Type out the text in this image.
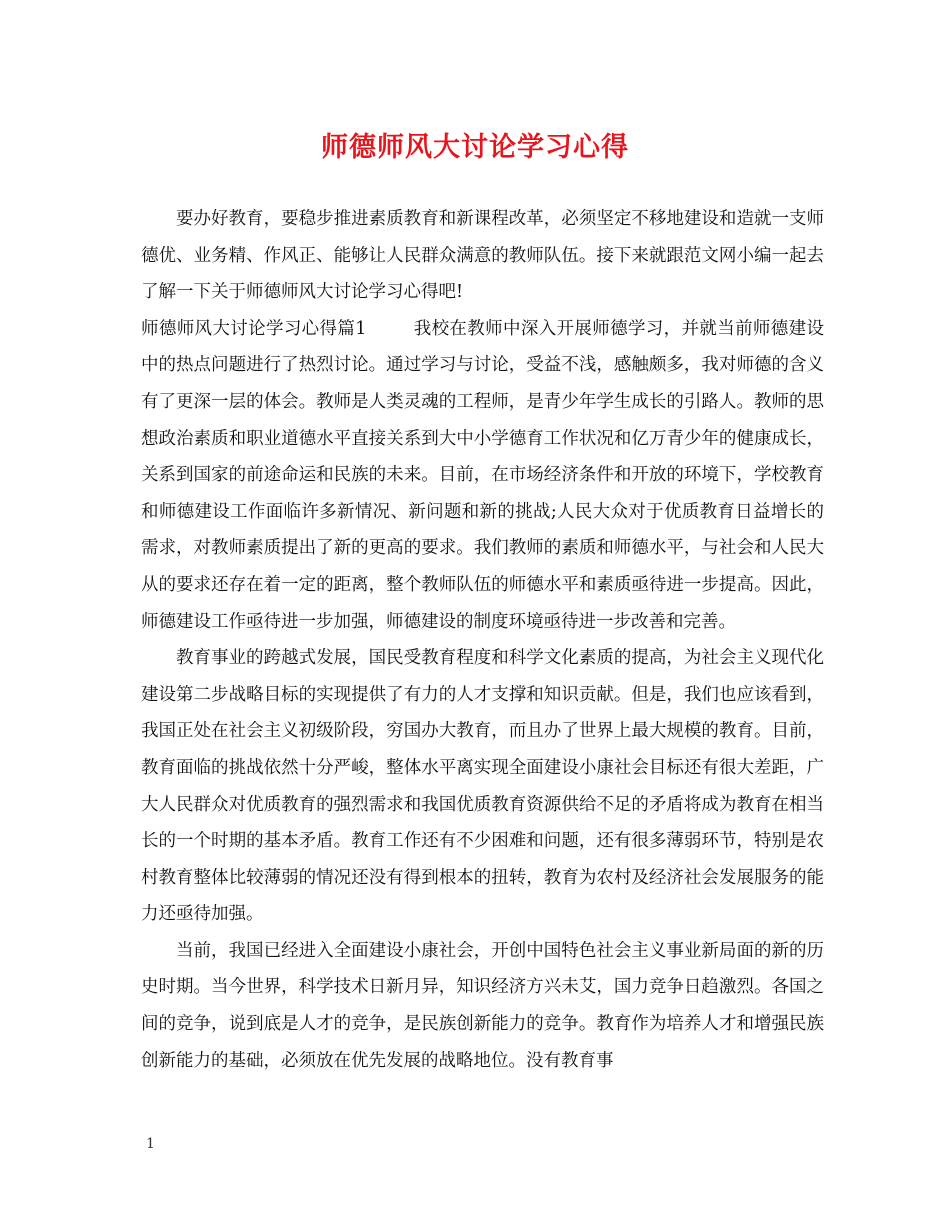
师德师风大讨论学习心得

要办好教育，要稳步推进素质教育和新课程改革，必须坚定不移地建设和造就一支师德优、业务精、作风正、能够让人民群众满意的教师队伍。接下来就跟范文网小编一起去了解一下关于师德师风大讨论学习心得吧!

师德师风大讨论学习心得篇1	我校在教师中深入开展师德学习，并就当前师德建设中的热点问题进行了热烈讨论。通过学习与讨论，受益不浅，感触颇多，我对师德的含义有了更深一层的体会。教师是人类灵魂的工程师，是青少年学生成长的引路人。教师的思想政治素质和职业道德水平直接关系到大中小学德育工作状况和亿万青少年的健康成长，关系到国家的前途命运和民族的未来。目前，在市场经济条件和开放的环境下，学校教育和师德建设工作面临许多新情况、新问题和新的挑战;人民大众对于优质教育日益增长的需求，对教师素质提出了新的更高的要求。我们教师的素质和师德水平，与社会和人民大从的要求还存在着一定的距离，整个教师队伍的师德水平和素质亟待进一步提高。因此，师德建设工作亟待进一步加强，师德建设的制度环境亟待进一步改善和完善。

教育事业的跨越式发展，国民受教育程度和科学文化素质的提高，为社会主义现代化建设第二步战略目标的实现提供了有力的人才支撑和知识贡献。但是，我们也应该看到，我国正处在社会主义初级阶段，穷国办大教育，而且办了世界上最大规模的教育。目前，教育面临的挑战依然十分严峻，整体水平离实现全面建设小康社会目标还有很大差距，广大人民群众对优质教育的强烈需求和我国优质教育资源供给不足的矛盾将成为教育在相当长的一个时期的基本矛盾。教育工作还有不少困难和问题，还有很多薄弱环节，特别是农村教育整体比较薄弱的情况还没有得到根本的扭转，教育为农村及经济社会发展服务的能力还亟待加强。

当前，我国已经进入全面建设小康社会，开创中国特色社会主义事业新局面的新的历史时期。当今世界，科学技术日新月异，知识经济方兴未艾，国力竞争日趋激烈。各国之间的竞争，说到底是人才的竞争，是民族创新能力的竞争。教育作为培养人才和增强民族创新能力的基础，必须放在优先发展的战略地位。没有教育事

1
